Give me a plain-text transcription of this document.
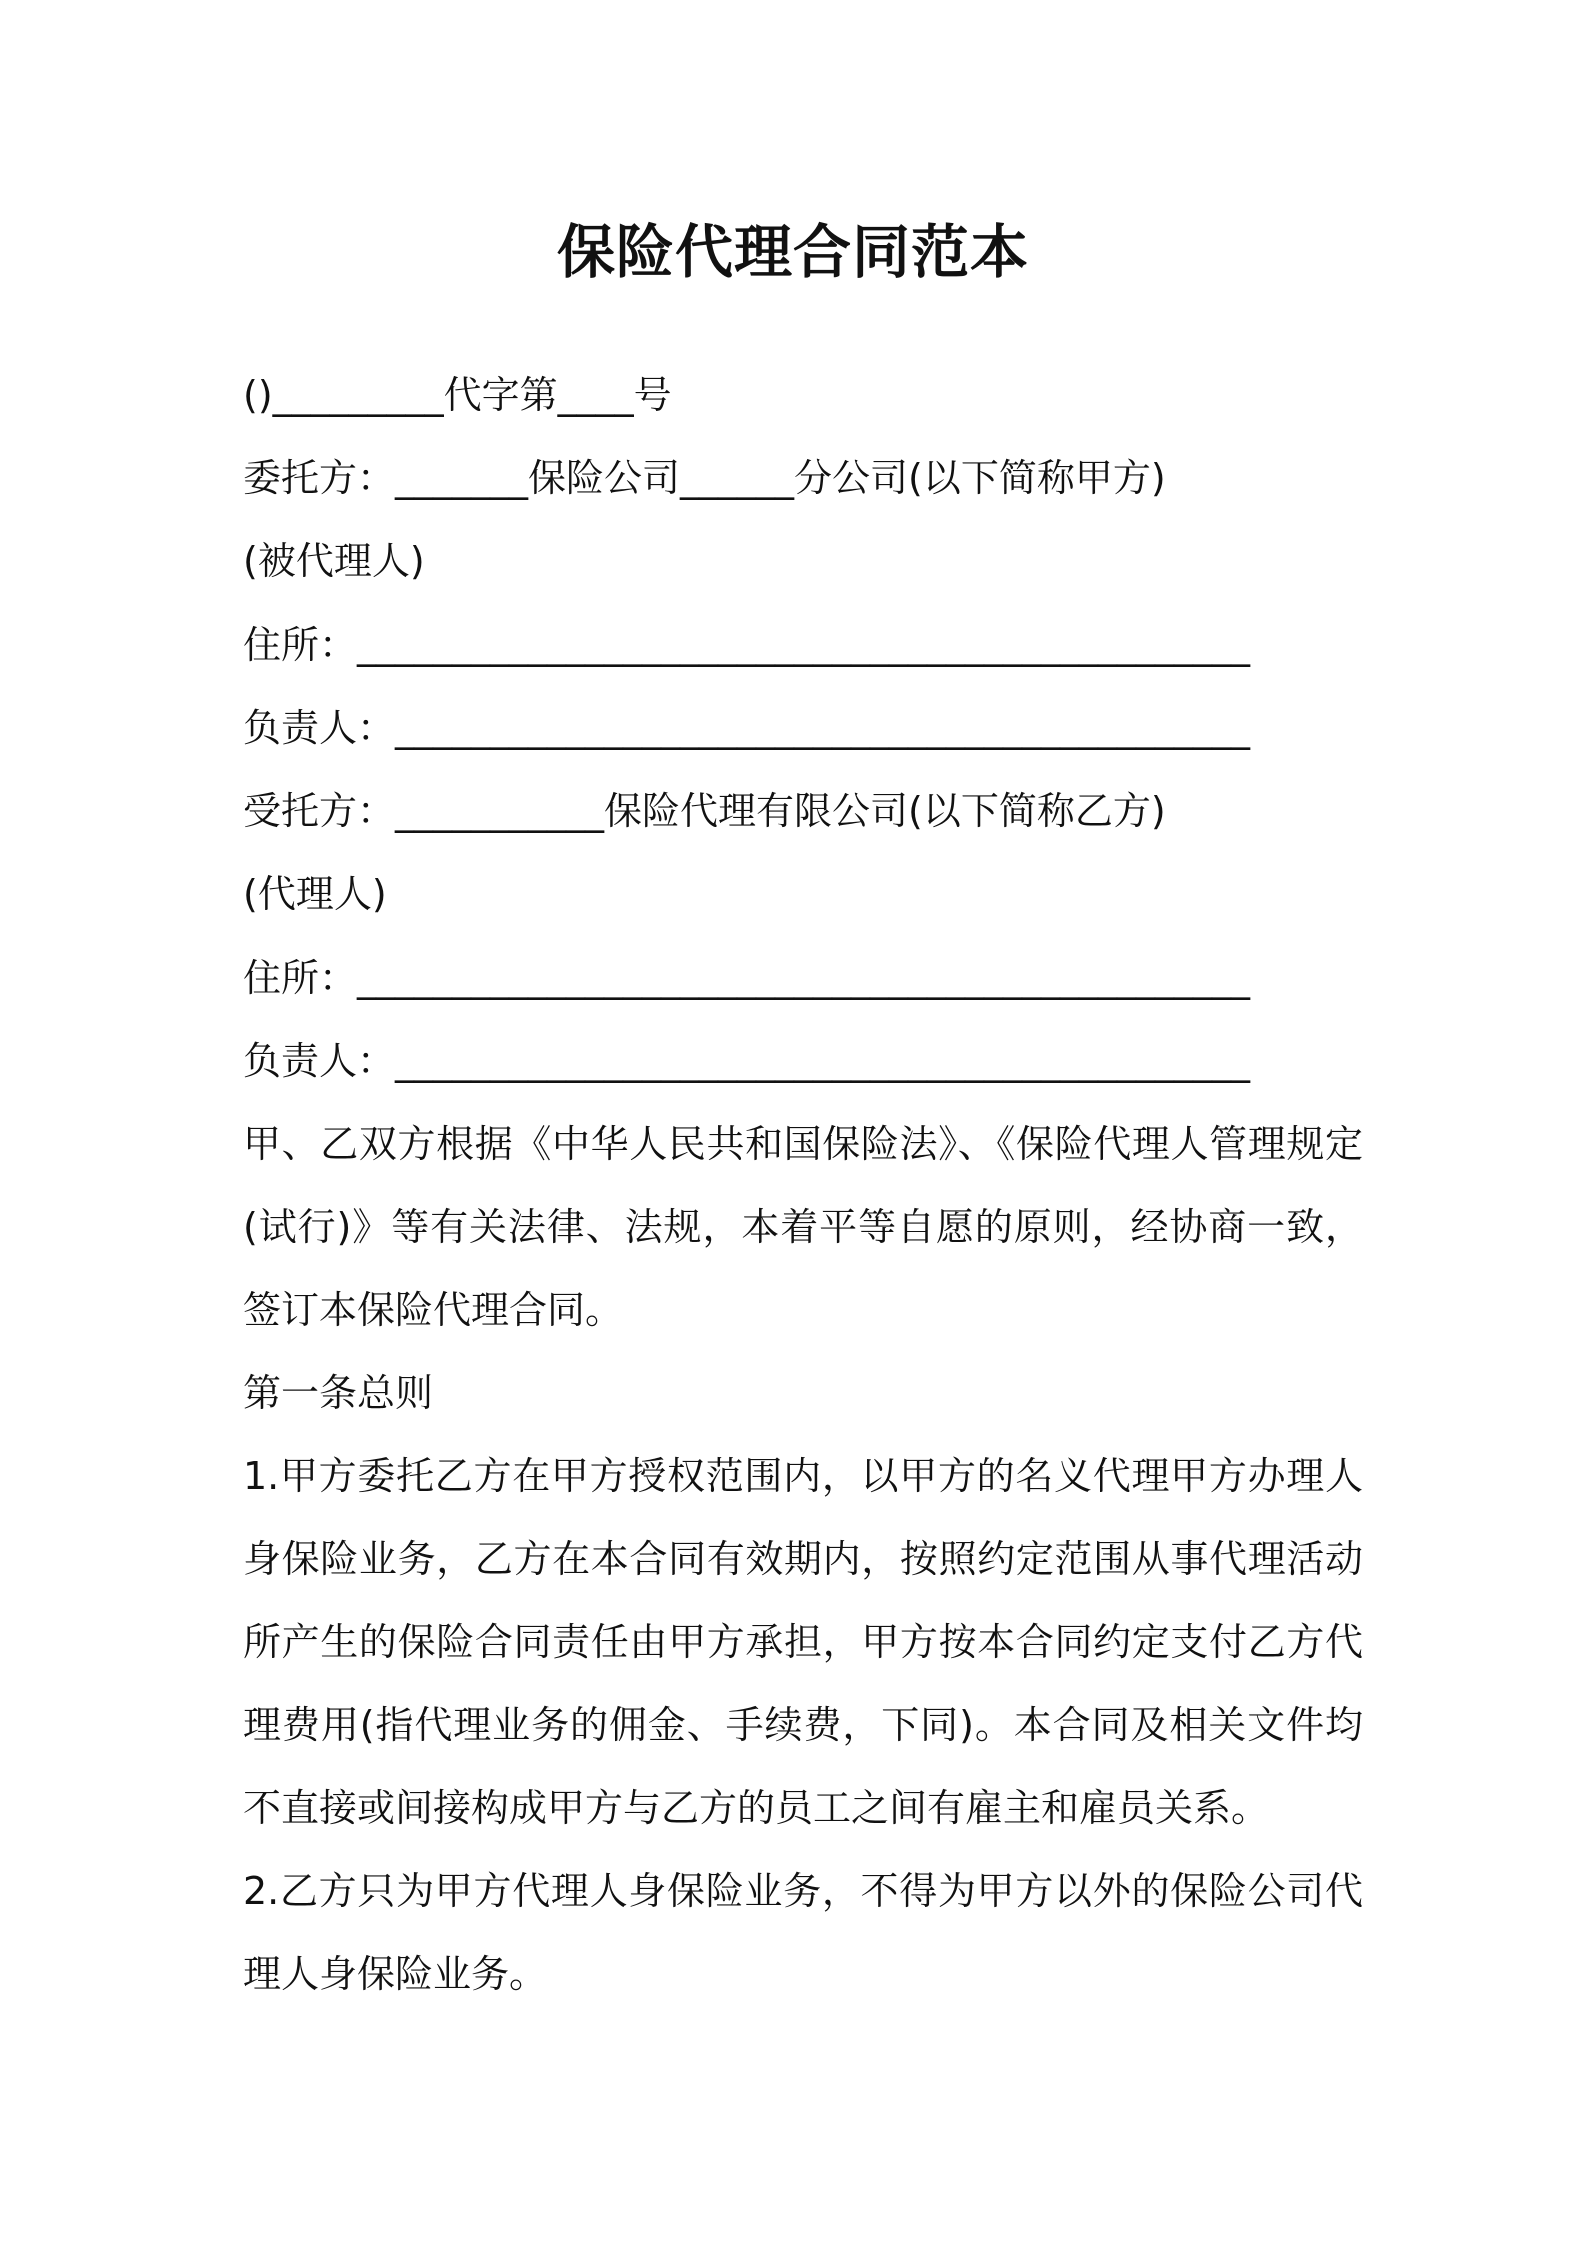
保险代理合同范本
()_________代字第____号
委托方：_______保险公司______分公司(以下简称甲方)
(被代理人)
住所：_______________________________________________
负责人：_____________________________________________
受托方：___________保险代理有限公司(以下简称乙方)
(代理人)
住所：_______________________________________________
负责人：_____________________________________________
甲、乙双方根据《中华人民共和国保险法》、《保险代理人管理规定(试行)》等有关法律、法规，本着平等自愿的原则，经协商一致，签订本保险代理合同。
第一条总则
1.甲方委托乙方在甲方授权范围内，以甲方的名义代理甲方办理人身保险业务，乙方在本合同有效期内，按照约定范围从事代理活动所产生的保险合同责任由甲方承担，甲方按本合同约定支付乙方代理费用(指代理业务的佣金、手续费，下同)。本合同及相关文件均不直接或间接构成甲方与乙方的员工之间有雇主和雇员关系。
2.乙方只为甲方代理人身保险业务，不得为甲方以外的保险公司代理人身保险业务。
